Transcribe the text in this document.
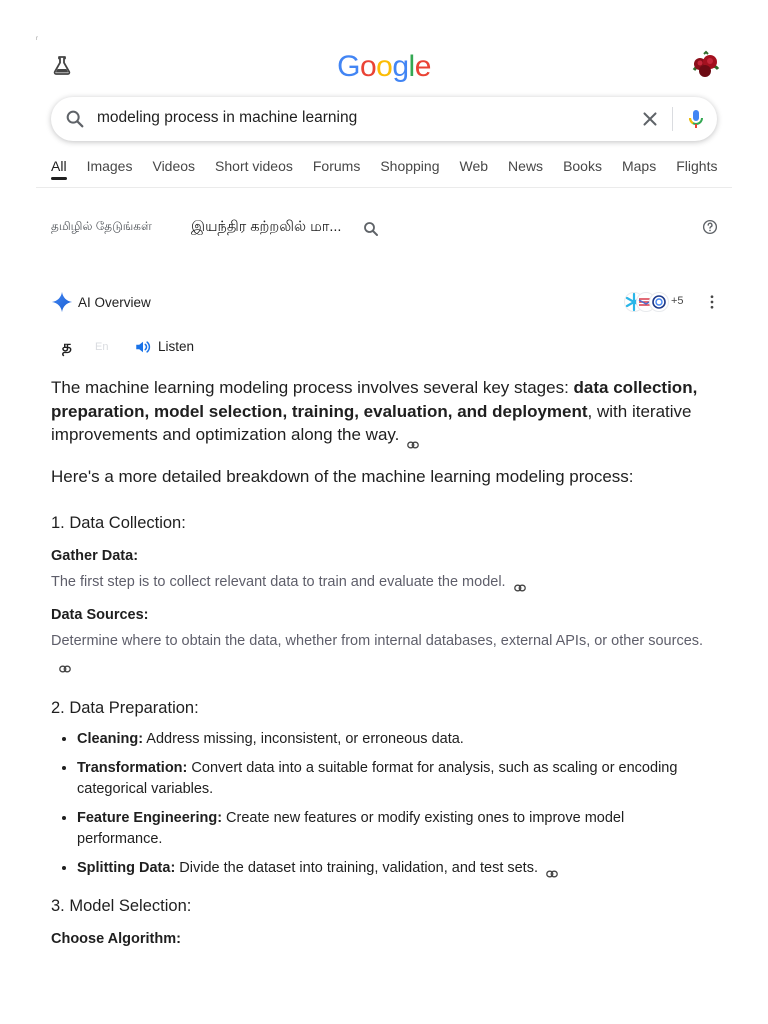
r
Google
modeling process in machine learning
All Images Videos Short videos Forums Shopping Web News Books Maps Flights
தமிழில் தேடுங்கள்	இயந்திர கற்றலில் மா...
AI Overview	+5
த En	Listen

The machine learning modeling process involves several key stages: data collection, preparation, model selection, training, evaluation, and deployment, with iterative improvements and optimization along the way.

Here's a more detailed breakdown of the machine learning modeling process:

1. Data Collection:
Gather Data:
The first step is to collect relevant data to train and evaluate the model.
Data Sources:
Determine where to obtain the data, whether from internal databases, external APIs, or other sources.
2. Data Preparation:
• Cleaning: Address missing, inconsistent, or erroneous data.
• Transformation: Convert data into a suitable format for analysis, such as scaling or encoding categorical variables.
• Feature Engineering: Create new features or modify existing ones to improve model performance.
• Splitting Data: Divide the dataset into training, validation, and test sets.
3. Model Selection:
Choose Algorithm:
